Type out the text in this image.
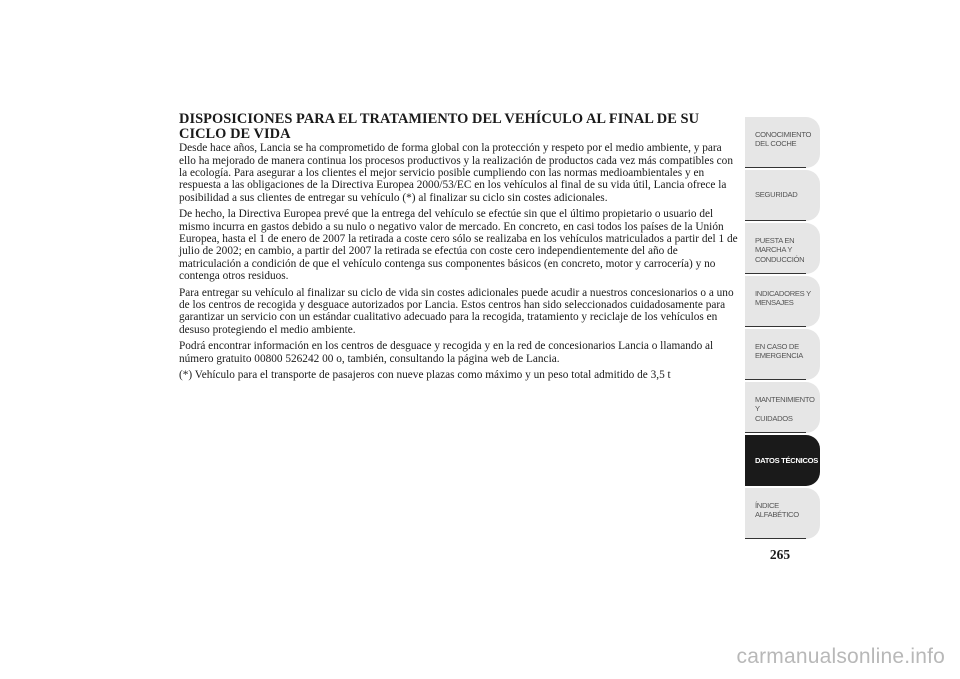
DISPOSICIONES PARA EL TRATAMIENTO DEL VEHÍCULO AL FINAL DE SU CICLO DE VIDA

Desde hace años, Lancia se ha comprometido de forma global con la protección y respeto por el medio ambiente, y para ello ha mejorado de manera continua los procesos productivos y la realización de productos cada vez más compatibles con la ecología. Para asegurar a los clientes el mejor servicio posible cumpliendo con las normas medioambientales y en respuesta a las obligaciones de la Directiva Europea 2000/53/EC en los vehículos al final de su vida útil, Lancia ofrece la posibilidad a sus clientes de entregar su vehículo (*) al finalizar su ciclo sin costes adicionales.

De hecho, la Directiva Europea prevé que la entrega del vehículo se efectúe sin que el último propietario o usuario del mismo incurra en gastos debido a su nulo o negativo valor de mercado. En concreto, en casi todos los países de la Unión Europea, hasta el 1 de enero de 2007 la retirada a coste cero sólo se realizaba en los vehículos matriculados a partir del 1 de julio de 2002; en cambio, a partir del 2007 la retirada se efectúa con coste cero independientemente del año de matriculación a condición de que el vehículo contenga sus componentes básicos (en concreto, motor y carrocería) y no contenga otros residuos.

Para entregar su vehículo al finalizar su ciclo de vida sin costes adicionales puede acudir a nuestros concesionarios o a uno de los centros de recogida y desguace autorizados por Lancia. Estos centros han sido seleccionados cuidadosamente para garantizar un servicio con un estándar cualitativo adecuado para la recogida, tratamiento y reciclaje de los vehículos en desuso protegiendo el medio ambiente.

Podrá encontrar información en los centros de desguace y recogida y en la red de concesionarios Lancia o llamando al número gratuito 00800 526242 00 o, también, consultando la página web de Lancia.

(*) Vehículo para el transporte de pasajeros con nueve plazas como máximo y un peso total admitido de 3,5 t

CONOCIMIENTO
DEL COCHE
SEGURIDAD
PUESTA EN
MARCHA Y
CONDUCCIÓN
INDICADORES Y
MENSAJES
EN CASO DE
EMERGENCIA
MANTENIMIENTO Y
CUIDADOS
DATOS TÉCNICOS
ÍNDICE
ALFABÉTICO
265
carmanualsonline.info
